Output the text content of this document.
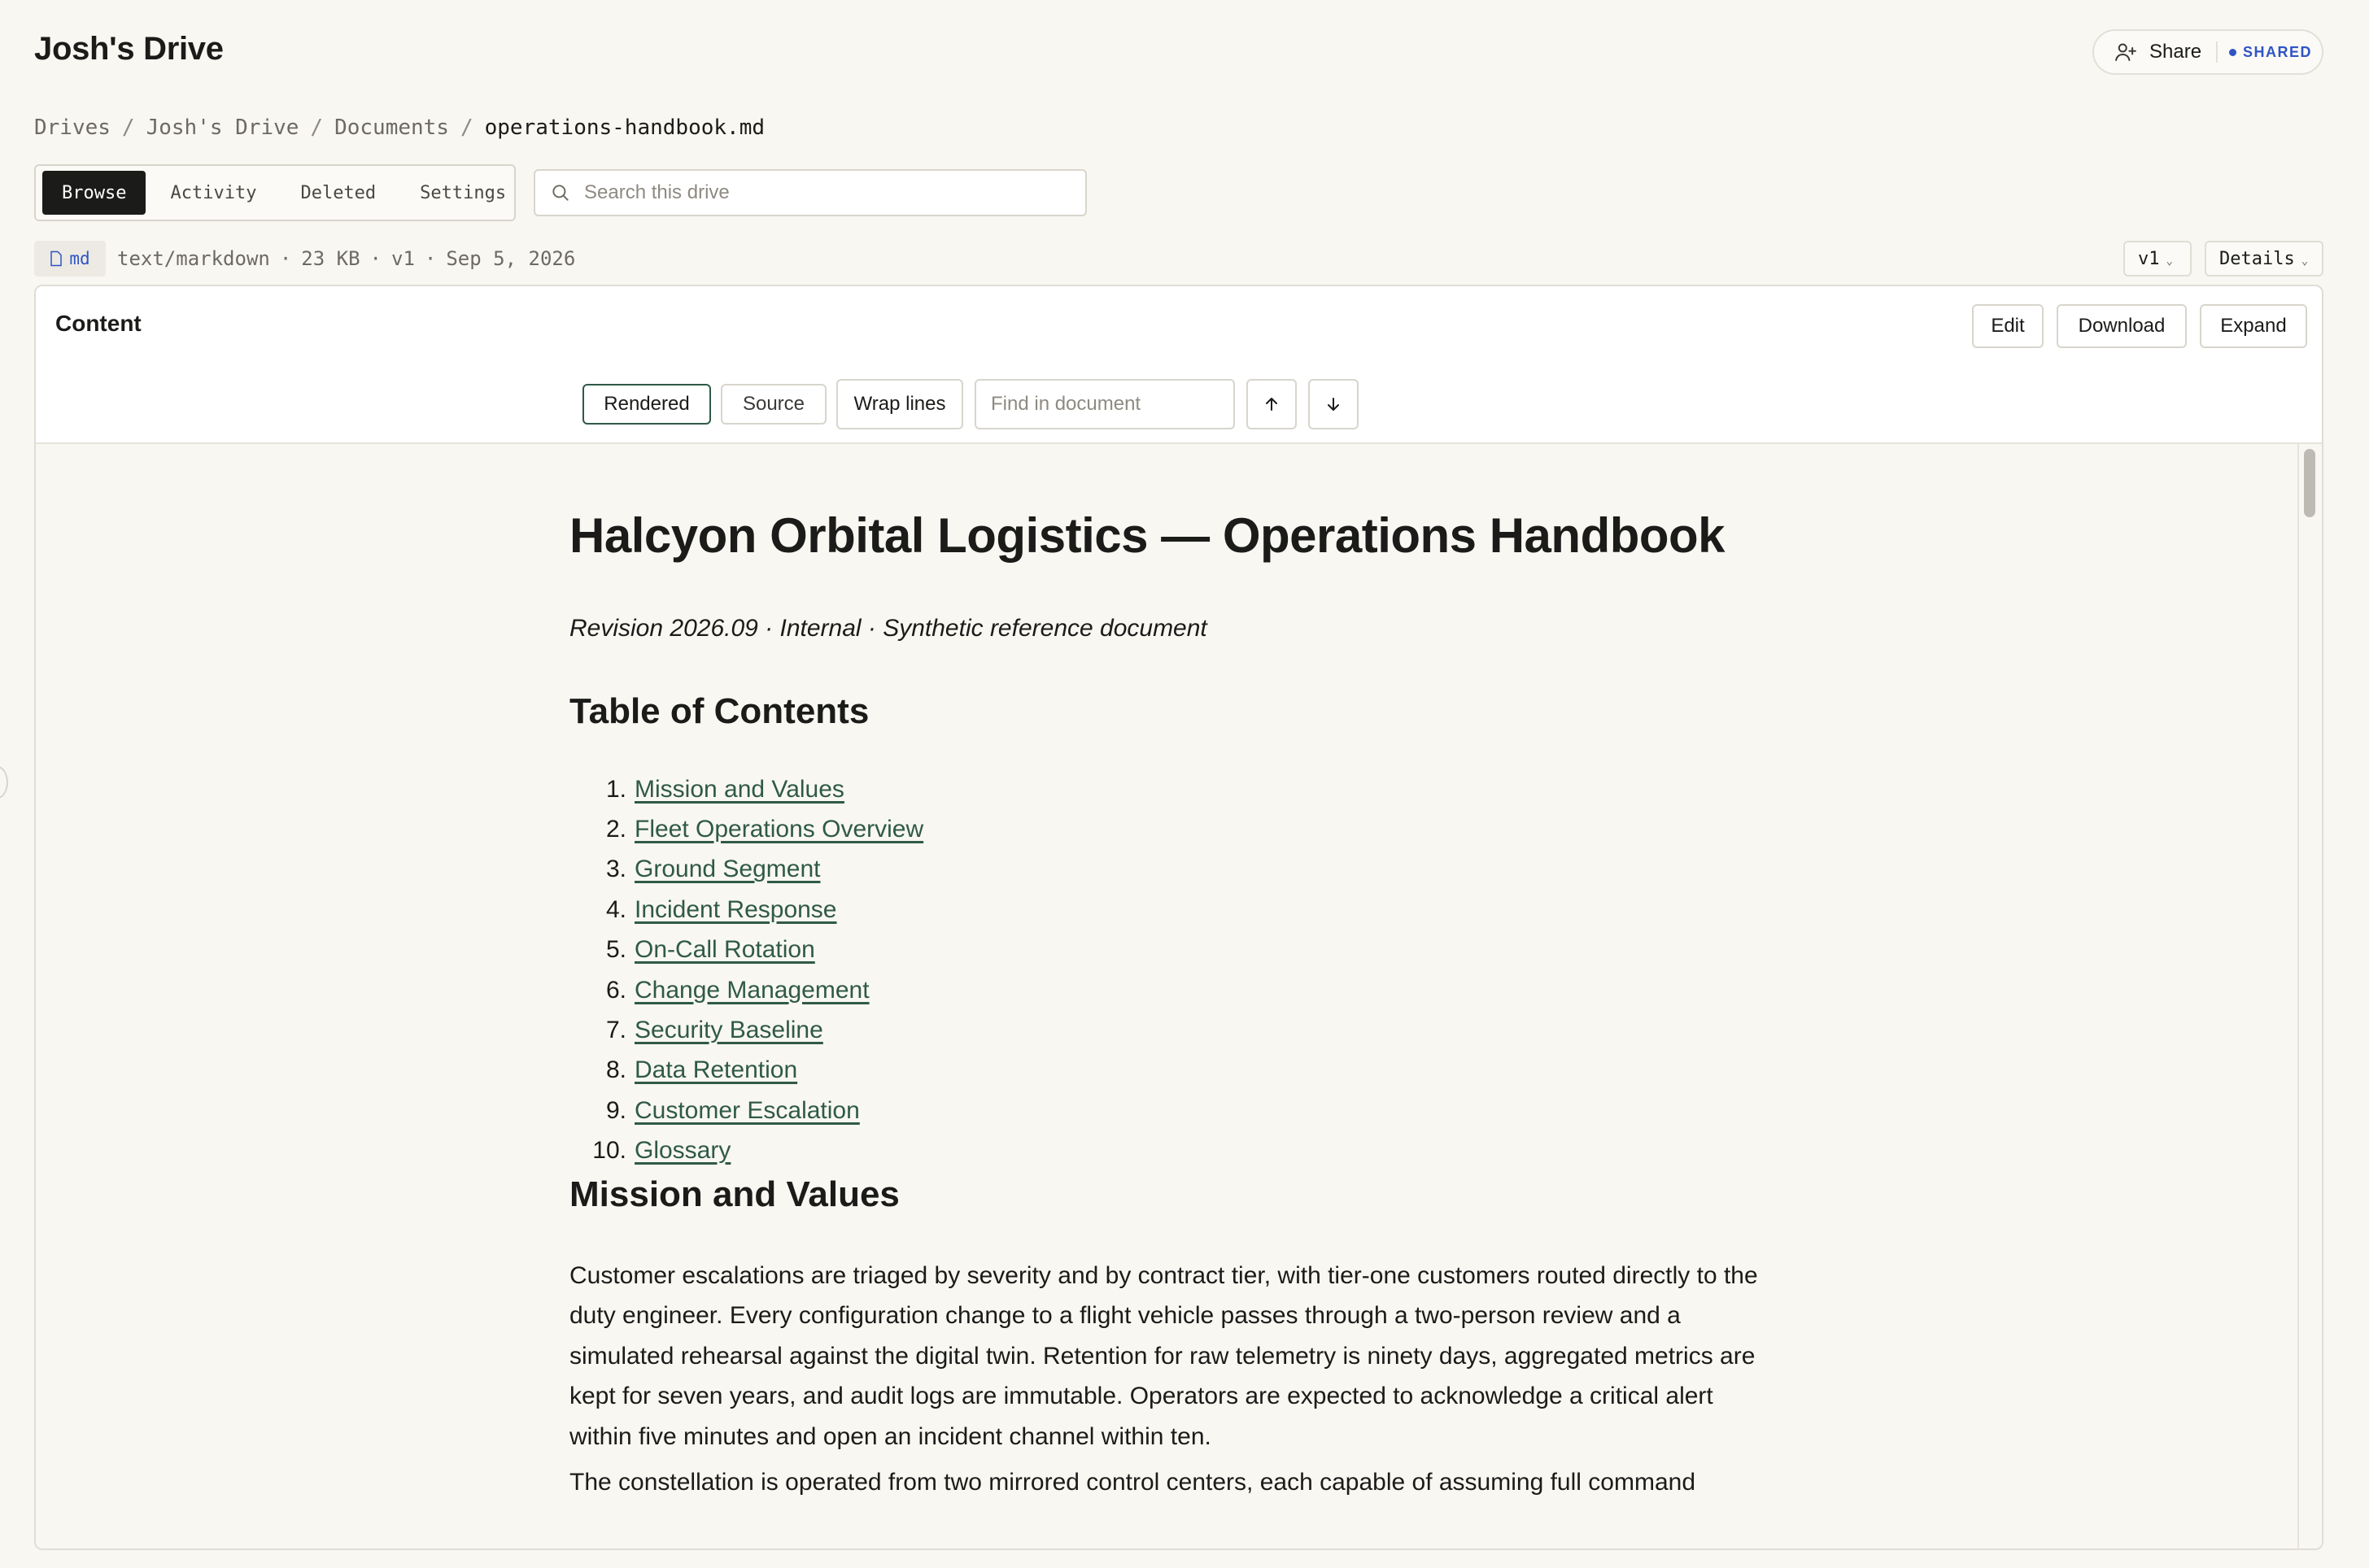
Josh's Drive	Share	SHARED
Drives / Josh's Drive / Documents / operations-handbook.md
Browse	Activity	Deleted	Settings
Search this drive
md text/markdown · 23 KB · v1 · Sep 5, 2026	v1 ⌄	Details ⌄
Content	Edit	Download	Expand
Rendered	Source	Wrap lines
Find in document
Halcyon Orbital Logistics — Operations Handbook
Revision 2026.09 · Internal · Synthetic reference document
Table of Contents
1. Mission and Values
2. Fleet Operations Overview
3. Ground Segment
4. Incident Response
5. On-Call Rotation
6. Change Management
7. Security Baseline
8. Data Retention
9. Customer Escalation
10. Glossary
Mission and Values

Customer escalations are triaged by severity and by contract tier, with tier-one customers routed directly to the duty engineer. Every configuration change to a flight vehicle passes through a two-person review and a simulated rehearsal against the digital twin. Retention for raw telemetry is ninety days, aggregated metrics are kept for seven years, and audit logs are immutable. Operators are expected to acknowledge a critical alert within five minutes and open an incident channel within ten.

The constellation is operated from two mirrored control centers, each capable of assuming full command
